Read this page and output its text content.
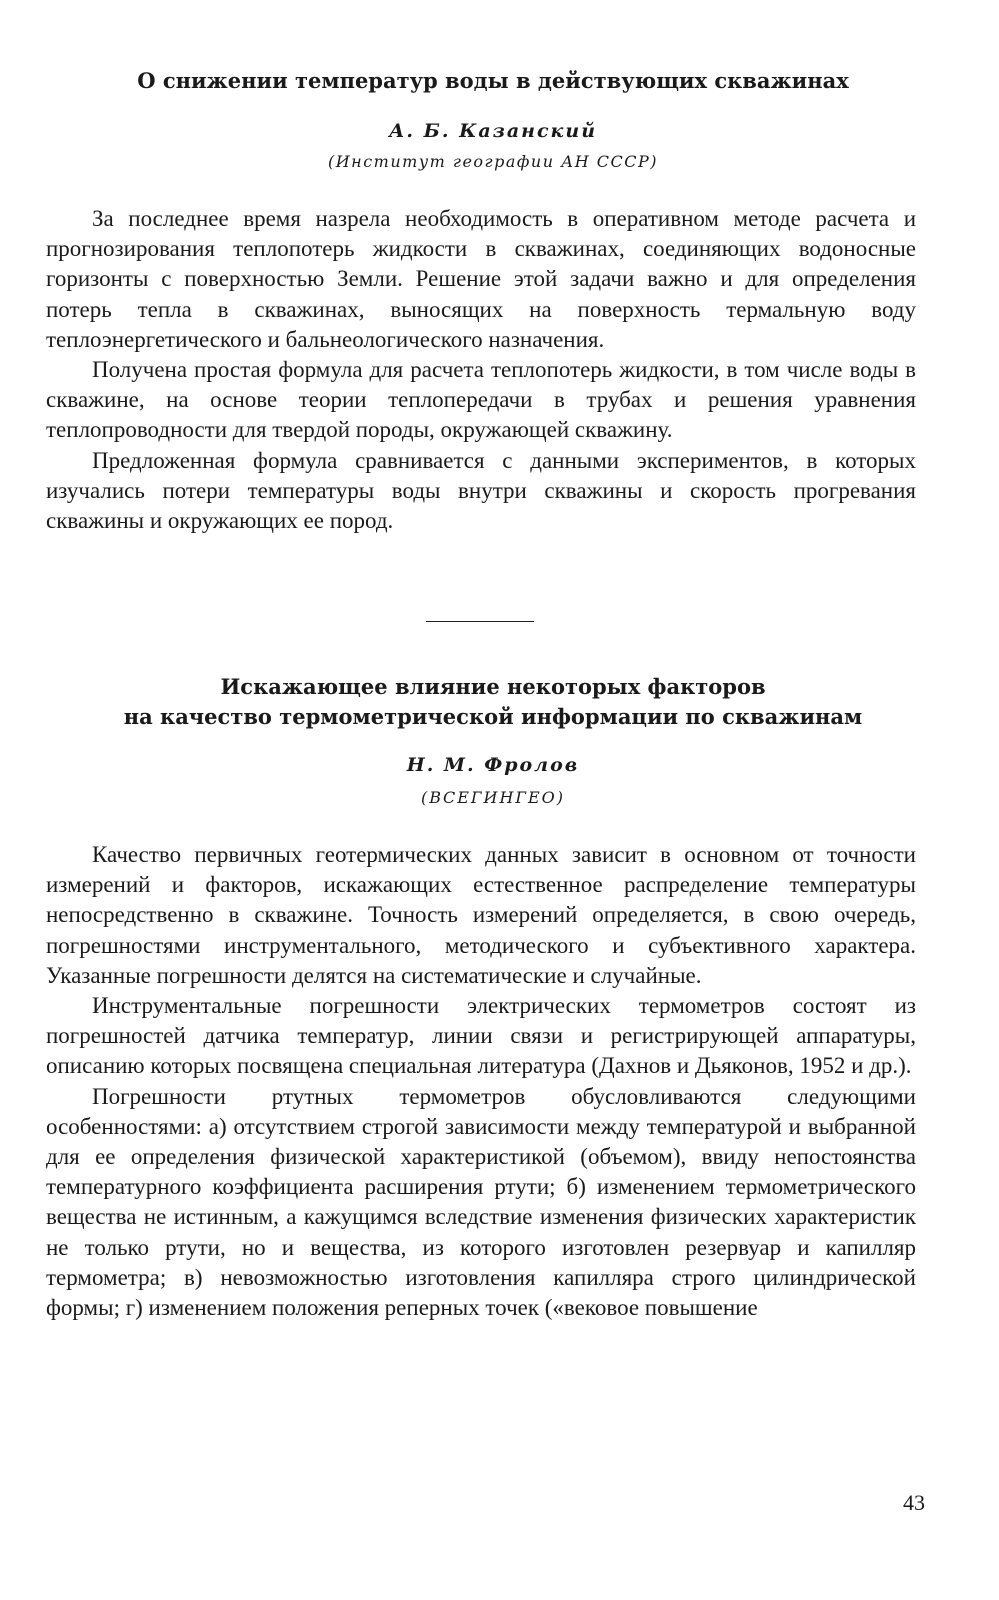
О снижении температур воды в действующих скважинах

А. Б. Казанский

(Институт географии АН СССР)

За последнее время назрела необходимость в оперативном методе расчета и прогнозирования теплопотерь жидкости в скважинах, соединяющих водоносные горизонты с поверхностью Земли. Решение этой задачи важно и для определения потерь тепла в скважинах, выносящих на поверхность термальную воду теплоэнергетического и бальнеологического назначения.

Получена простая формула для расчета теплопотерь жидкости, в том числе воды в скважине, на основе теории теплопередачи в трубах и решения уравнения теплопроводности для твердой породы, окружающей скважину.

Предложенная формула сравнивается с данными экспериментов, в которых изучались потери температуры воды внутри скважины и скорость прогревания скважины и окружающих ее пород.

Искажающее влияние некоторых факторов
на качество термометрической информации по скважинам

Н. М. Фролов

(ВСЕГИНГЕО)

Качество первичных геотермических данных зависит в основном от точности измерений и факторов, искажающих естественное распределение температуры непосредственно в скважине. Точность измерений определяется, в свою очередь, погрешностями инструментального, методического и субъективного характера. Указанные погрешности делятся на систематические и случайные.

Инструментальные погрешности электрических термометров состоят из погрешностей датчика температур, линии связи и регистрирующей аппаратуры, описанию которых посвящена специальная литература (Дахнов и Дьяконов, 1952 и др.).

Погрешности ртутных термометров обусловливаются следующими особенностями: а) отсутствием строгой зависимости между температурой и выбранной для ее определения физической характеристикой (объемом), ввиду непостоянства температурного коэффициента расширения ртути; б) изменением термометрического вещества не истинным, а кажущимся вследствие изменения физических характеристик не только ртути, но и вещества, из которого изготовлен резервуар и капилляр термометра; в) невозможностью изготовления капилляра строго цилиндрической формы; г) изменением положения реперных точек («вековое повышение

43
